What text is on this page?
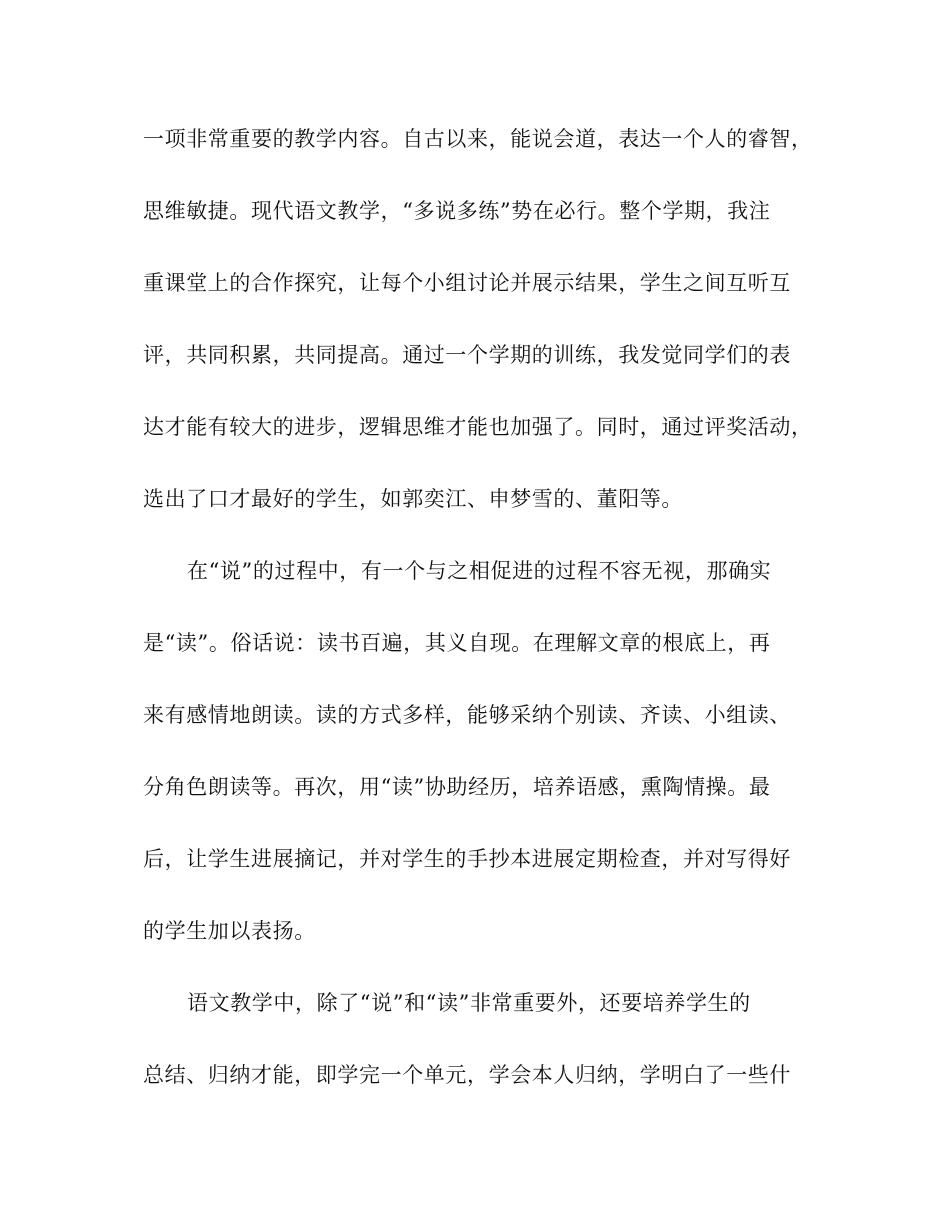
一项非常重要的教学内容。自古以来，能说会道，表达一个人的睿智，
思维敏捷。现代语文教学，“多说多练”势在必行。整个学期，我注
重课堂上的合作探究，让每个小组讨论并展示结果，学生之间互听互
评，共同积累，共同提高。通过一个学期的训练，我发觉同学们的表
达才能有较大的进步，逻辑思维才能也加强了。同时，通过评奖活动，
选出了口才最好的学生，如郭奕江、申梦雪的、董阳等。
在“说”的过程中，有一个与之相促进的过程不容无视，那确实
是“读”。俗话说：读书百遍，其义自现。在理解文章的根底上，再
来有感情地朗读。读的方式多样，能够采纳个别读、齐读、小组读、
分角色朗读等。再次，用“读”协助经历，培养语感，熏陶情操。最
后，让学生进展摘记，并对学生的手抄本进展定期检查，并对写得好
的学生加以表扬。
语文教学中，除了“说”和“读”非常重要外，还要培养学生的
总结、归纳才能，即学完一个单元，学会本人归纳，学明白了一些什
